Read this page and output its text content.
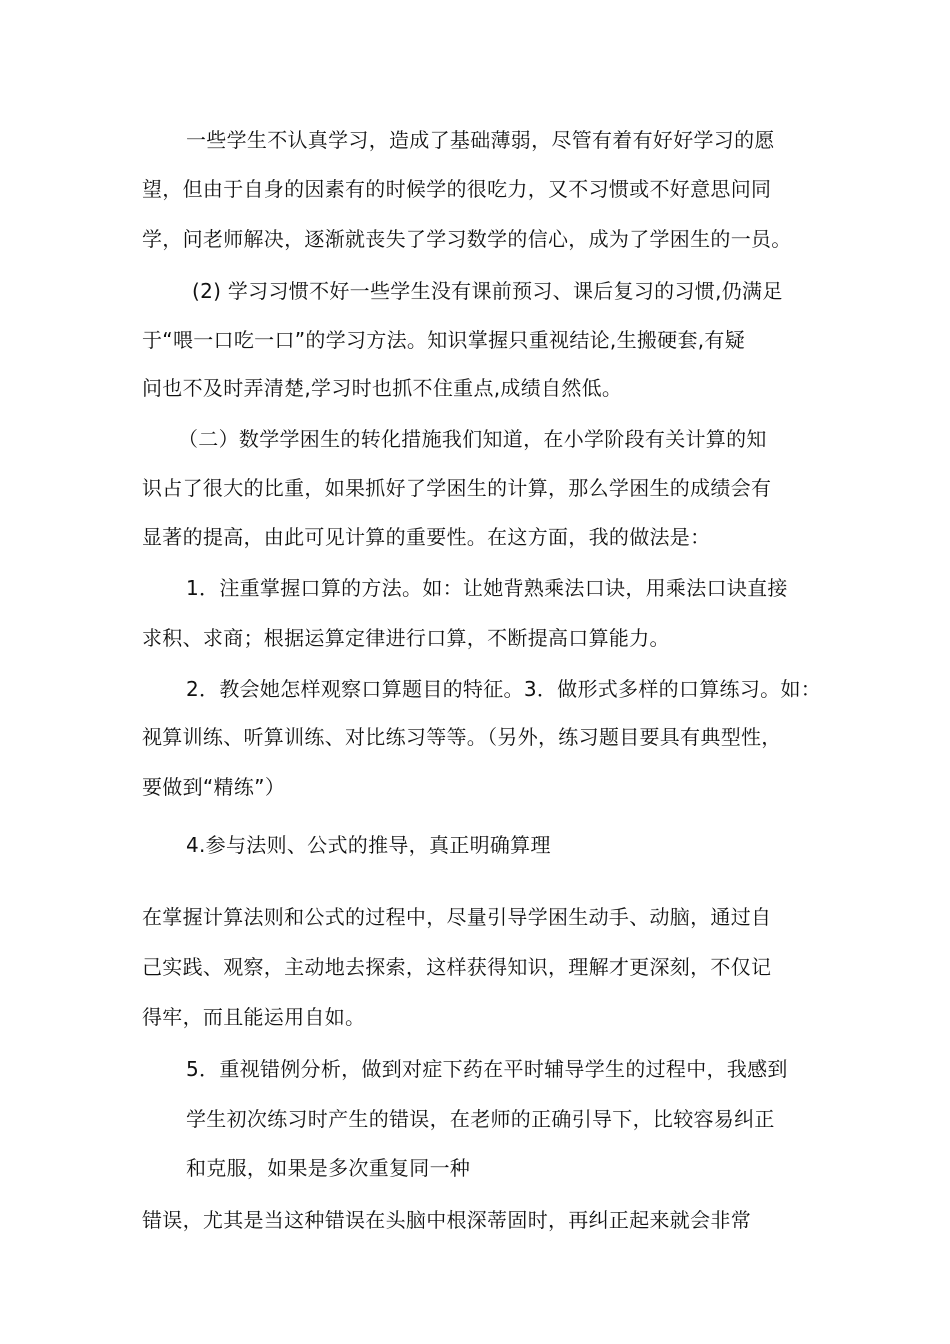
一些学生不认真学习，造成了基础薄弱，尽管有着有好好学习的愿
望，但由于自身的因素有的时候学的很吃力，又不习惯或不好意思问同
学，问老师解决，逐渐就丧失了学习数学的信心，成为了学困生的一员。
(2) 学习习惯不好一些学生没有课前预习、课后复习的习惯,仍满足
于“喂一口吃一口”的学习方法。知识掌握只重视结论,生搬硬套,有疑
问也不及时弄清楚,学习时也抓不住重点,成绩自然低。
（二）数学学困生的转化措施我们知道，在小学阶段有关计算的知
识占了很大的比重，如果抓好了学困生的计算，那么学困生的成绩会有
显著的提高，由此可见计算的重要性。在这方面，我的做法是：
1．注重掌握口算的方法。如：让她背熟乘法口诀，用乘法口诀直接
求积、求商；根据运算定律进行口算，不断提高口算能力。
2．教会她怎样观察口算题目的特征。3．做形式多样的口算练习。如：
视算训练、听算训练、对比练习等等。（另外，练习题目要具有典型性，
要做到“精练”）
4.参与法则、公式的推导，真正明确算理
在掌握计算法则和公式的过程中，尽量引导学困生动手、动脑，通过自
己实践、观察，主动地去探索，这样获得知识，理解才更深刻，不仅记
得牢，而且能运用自如。
5．重视错例分析，做到对症下药在平时辅导学生的过程中，我感到
学生初次练习时产生的错误，在老师的正确引导下，比较容易纠正
和克服，如果是多次重复同一种
错误，尤其是当这种错误在头脑中根深蒂固时，再纠正起来就会非常
